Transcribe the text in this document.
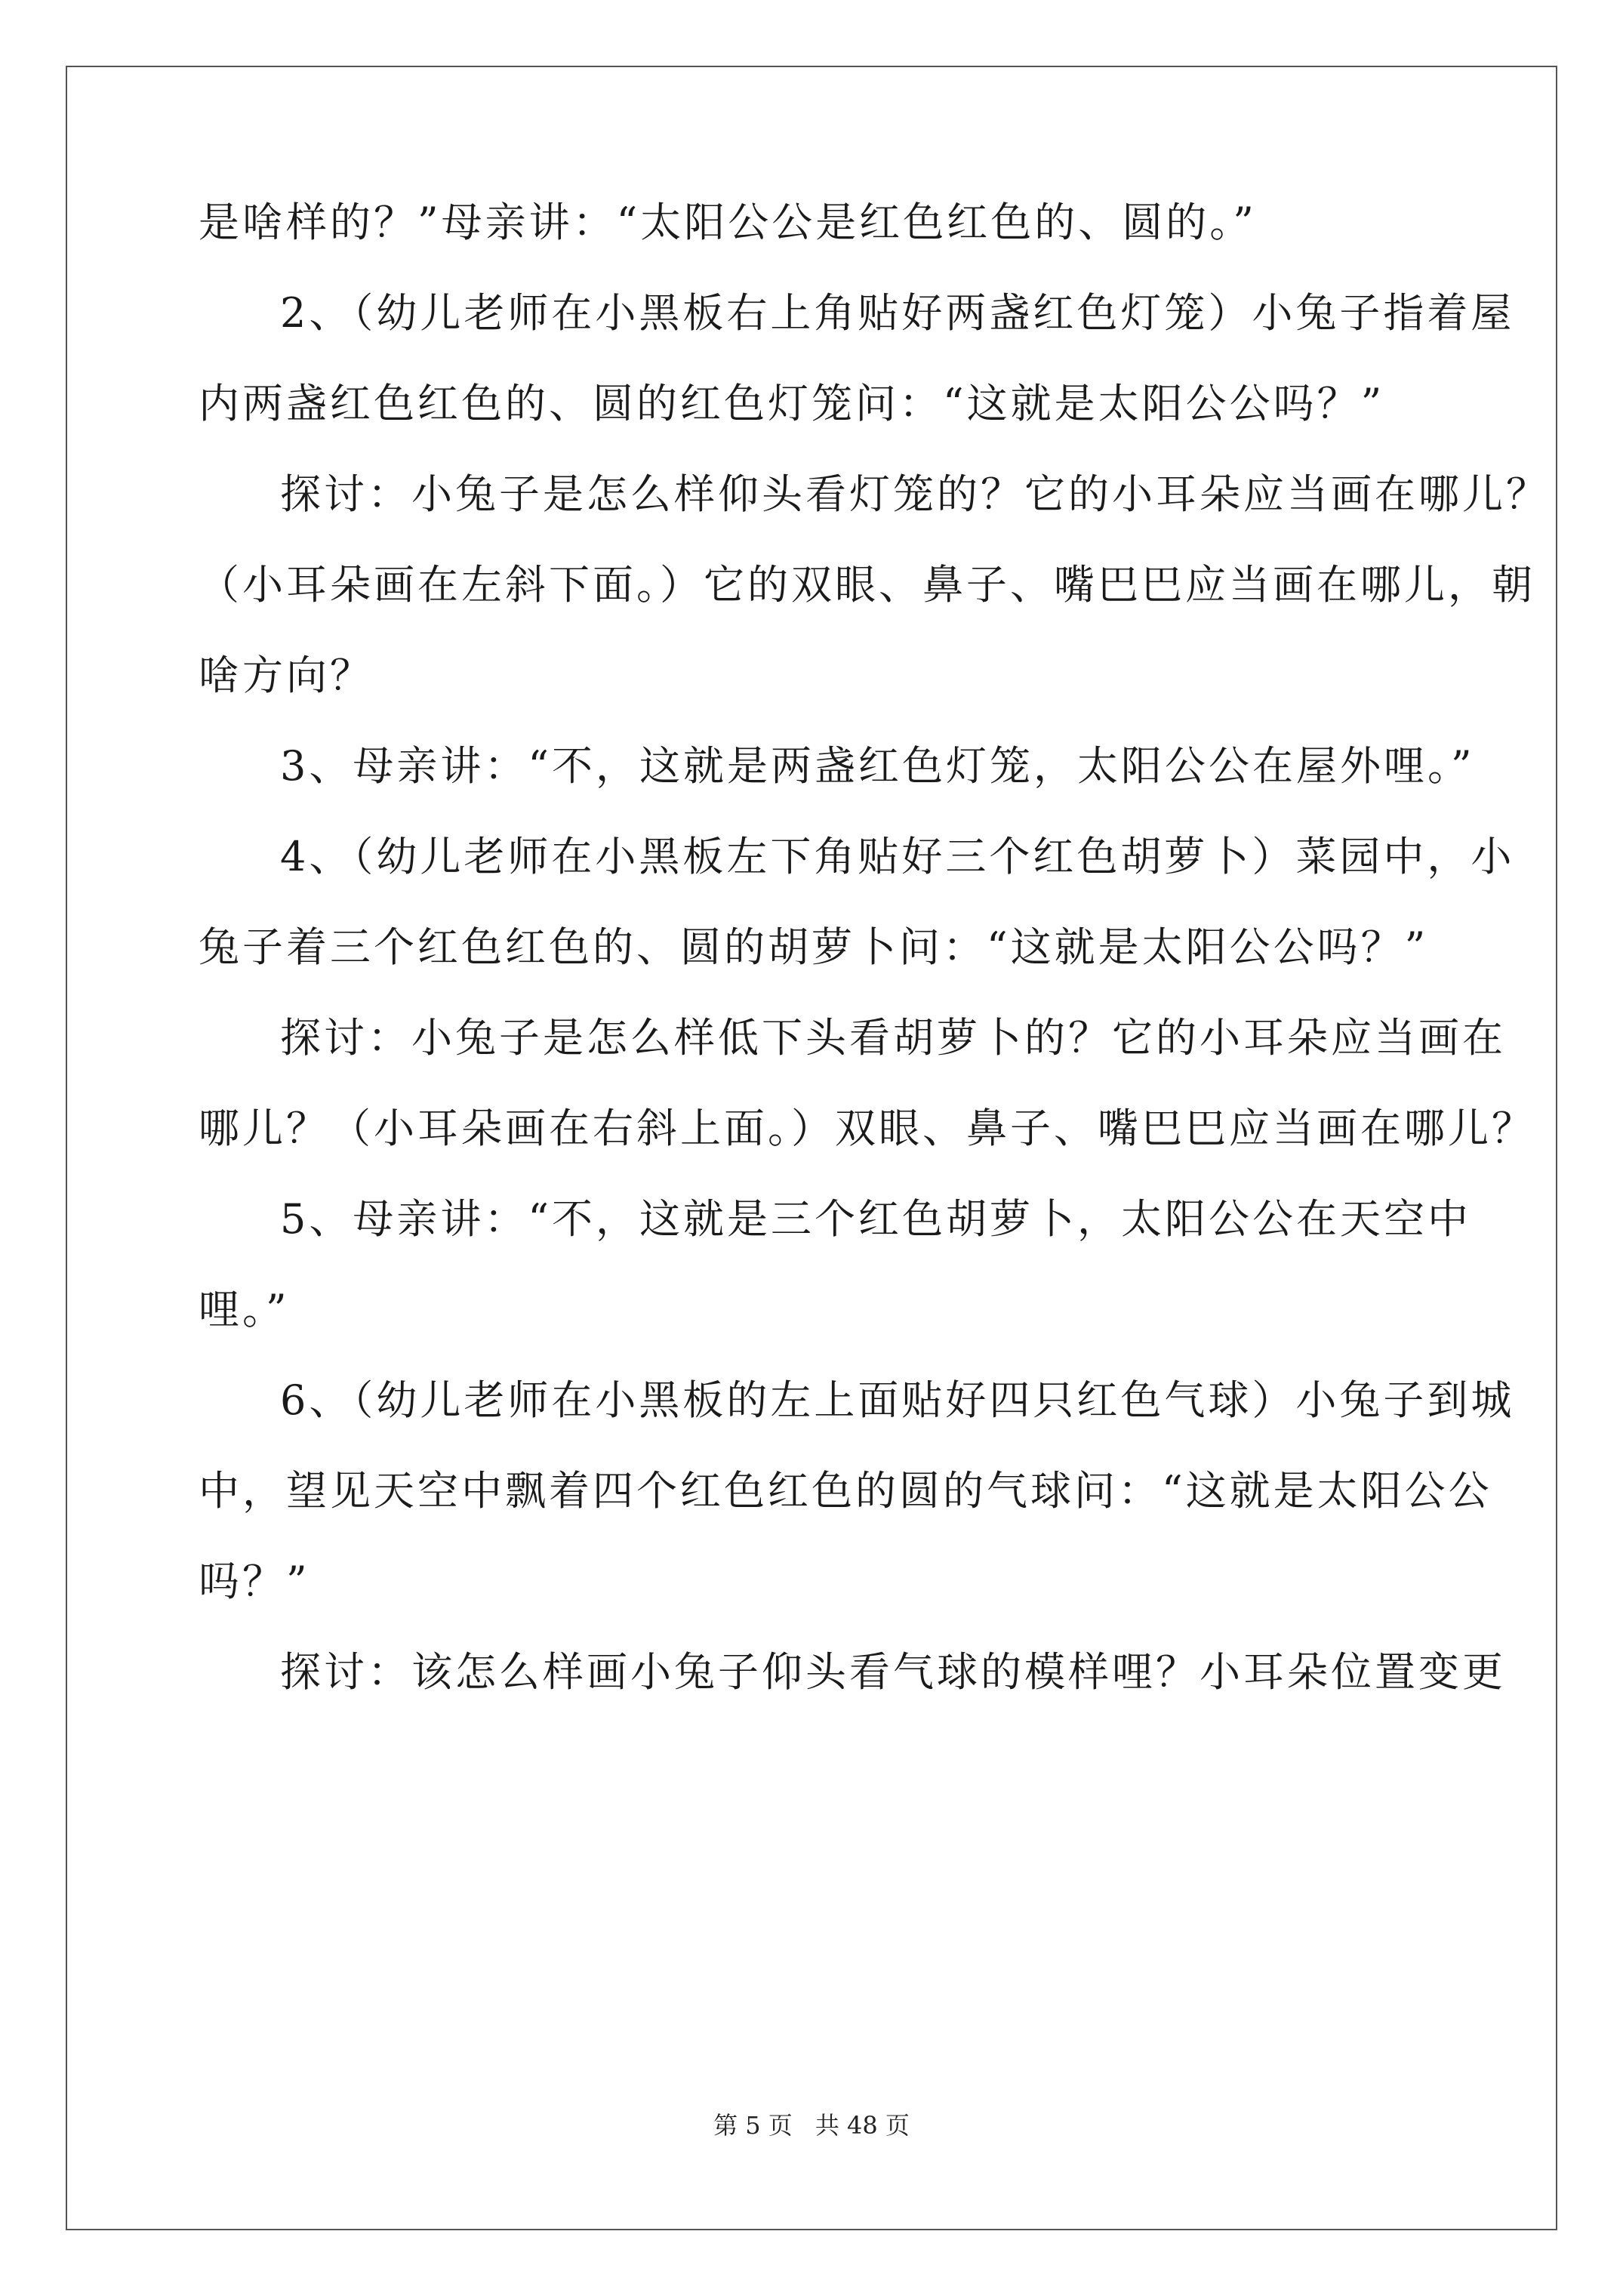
是啥样的？”母亲讲：“太阳公公是红色红色的、圆的。”
2、（幼儿老师在小黑板右上角贴好两盏红色灯笼）小兔子指着屋
内两盏红色红色的、圆的红色灯笼问：“这就是太阳公公吗？”
探讨：小兔子是怎么样仰头看灯笼的？它的小耳朵应当画在哪儿？
（小耳朵画在左斜下面。）它的双眼、鼻子、嘴巴巴应当画在哪儿，朝
啥方向？
3、母亲讲：“不，这就是两盏红色灯笼，太阳公公在屋外哩。”
4、（幼儿老师在小黑板左下角贴好三个红色胡萝卜）菜园中，小
兔子着三个红色红色的、圆的胡萝卜问：“这就是太阳公公吗？”
探讨：小兔子是怎么样低下头看胡萝卜的？它的小耳朵应当画在
哪儿？（小耳朵画在右斜上面。）双眼、鼻子、嘴巴巴应当画在哪儿？
5、母亲讲：“不，这就是三个红色胡萝卜，太阳公公在天空中
哩。”
6、（幼儿老师在小黑板的左上面贴好四只红色气球）小兔子到城
中，望见天空中飘着四个红色红色的圆的气球问：“这就是太阳公公
吗？”
探讨：该怎么样画小兔子仰头看气球的模样哩？小耳朵位置变更
第 5 页 共 48 页
